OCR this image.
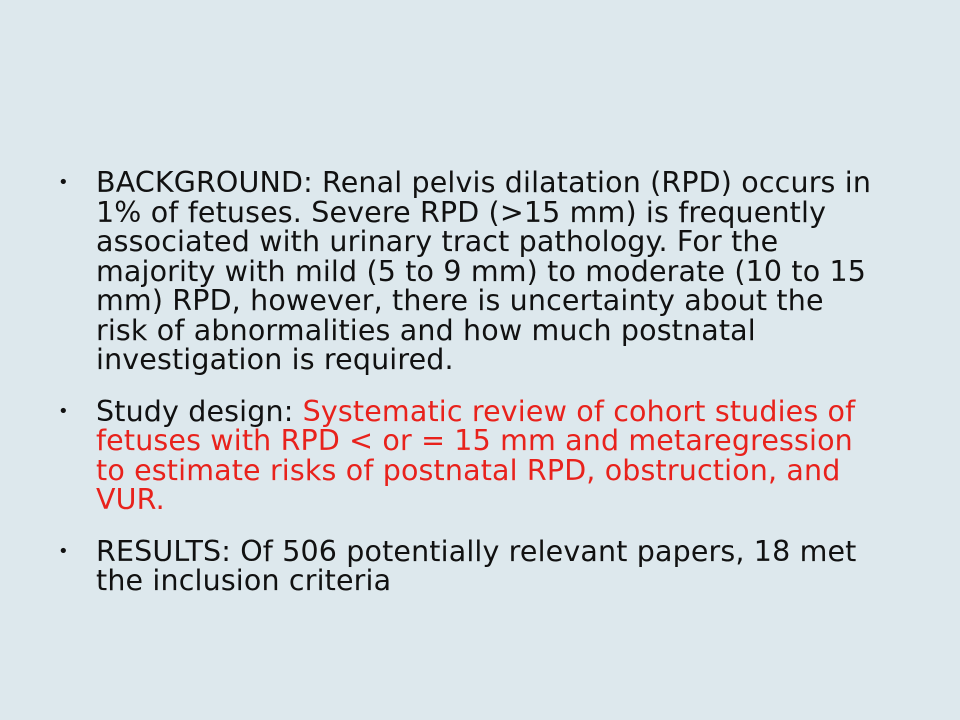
• BACKGROUND: Renal pelvis dilatation (RPD) occurs in 1% of fetuses. Severe RPD (>15 mm) is frequently associated with urinary tract pathology. For the majority with mild (5 to 9 mm) to moderate (10 to 15 mm) RPD, however, there is uncertainty about the risk of abnormalities and how much postnatal investigation is required.
• Study design: Systematic review of cohort studies of fetuses with RPD < or = 15 mm and metaregression to estimate risks of postnatal RPD, obstruction, and VUR.
• RESULTS: Of 506 potentially relevant papers, 18 met the inclusion criteria
